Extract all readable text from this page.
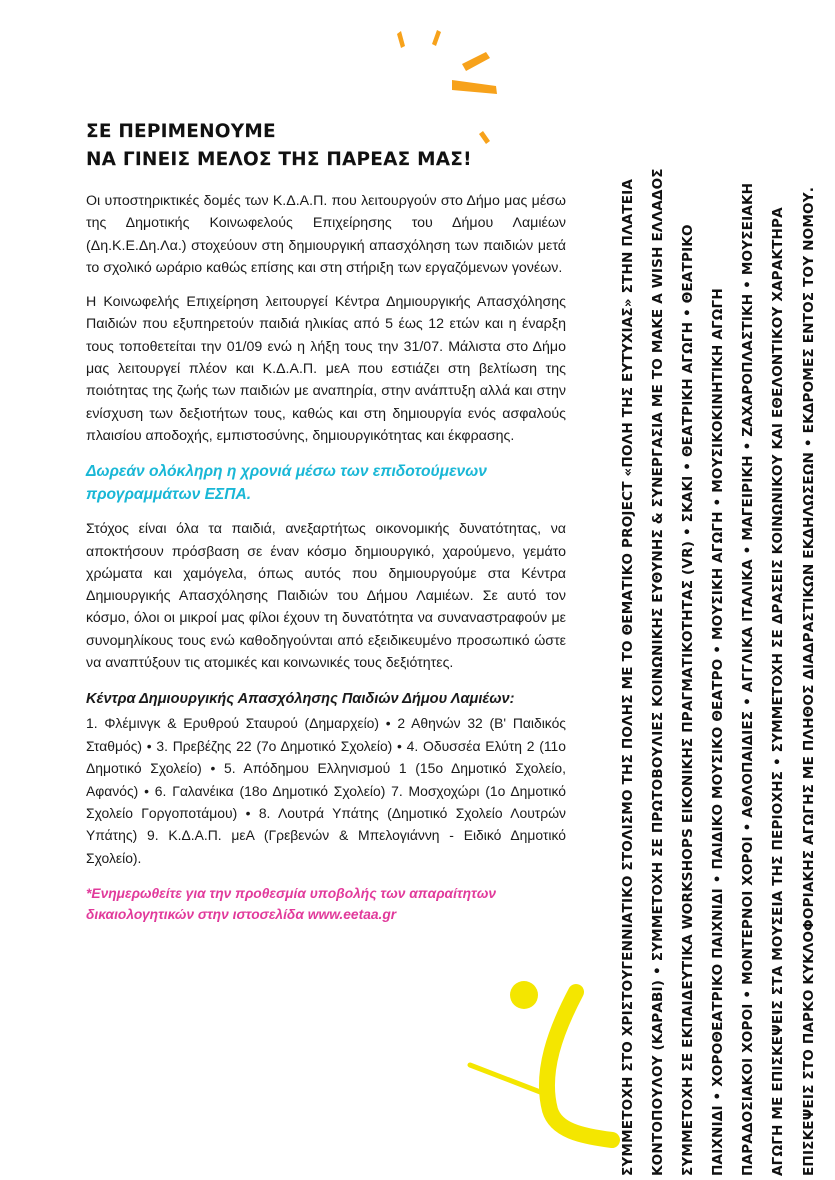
ΣΕ ΠΕΡΙΜΕΝΟΥΜΕ
ΝΑ ΓΙΝΕΙΣ ΜΕΛΟΣ ΤΗΣ ΠΑΡΕΑΣ ΜΑΣ!

Οι υποστηρικτικές δομές των Κ.Δ.Α.Π. που λειτουργούν στο Δήμο μας μέσω της Δημοτικής Κοινωφελούς Επιχείρησης του Δήμου Λαμιέων (Δη.Κ.Ε.Δη.Λα.) στοχεύουν στη δημιουργική απασχόληση των παιδιών μετά το σχολικό ωράριο καθώς επίσης και στη στήριξη των εργαζόμενων γονέων.

Η Κοινωφελής Επιχείρηση λειτουργεί Κέντρα Δημιουργικής Απασχόλησης Παιδιών που εξυπηρετούν παιδιά ηλικίας από 5 έως 12 ετών και η έναρξη τους τοποθετείται την 01/09 ενώ η λήξη τους την 31/07. Μάλιστα στο Δήμο μας λειτουργεί πλέον και Κ.Δ.Α.Π. μεΑ που εστιάζει στη βελτίωση της ποιότητας της ζωής των παιδιών με αναπηρία, στην ανάπτυξη αλλά και στην ενίσχυση των δεξιοτήτων τους, καθώς και στη δημιουργία ενός ασφαλούς πλαισίου αποδοχής, εμπιστοσύνης, δημιουργικότητας και έκφρασης.

Δωρεάν ολόκληρη η χρονιά μέσω των επιδοτούμενων προγραμμάτων ΕΣΠΑ.

Στόχος είναι όλα τα παιδιά, ανεξαρτήτως οικονομικής δυνατότητας, να αποκτήσουν πρόσβαση σε έναν κόσμο δημιουργικό, χαρούμενο, γεμάτο χρώματα και χαμόγελα, όπως αυτός που δημιουργούμε στα Κέντρα Δημιουργικής Απασχόλησης Παιδιών του Δήμου Λαμιέων. Σε αυτό τον κόσμο, όλοι οι μικροί μας φίλοι έχουν τη δυνατότητα να συναναστραφούν με συνομηλίκους τους ενώ καθοδηγούνται από εξειδικευμένο προσωπικό ώστε να αναπτύξουν τις ατομικές και κοινωνικές τους δεξιότητες.

Κέντρα Δημιουργικής Απασχόλησης Παιδιών Δήμου Λαμιέων:

1. Φλέμινγκ & Ερυθρού Σταυρού (Δημαρχείο) • 2 Αθηνών 32 (Β' Παιδικός Σταθμός) • 3. Πρεβέζης 22 (7ο Δημοτικό Σχολείο) • 4. Οδυσσέα Ελύτη 2 (11ο Δημοτικό Σχολείο) • 5. Απόδημου Ελληνισμού 1 (15ο Δημοτικό Σχολείο, Αφανός) • 6. Γαλανέικα (18ο Δημοτικό Σχολείο) 7. Μοσχοχώρι (1ο Δημοτικό Σχολείο Γοργοποτάμου) • 8. Λουτρά Υπάτης (Δημοτικό Σχολείο Λουτρών Υπάτης) 9. Κ.Δ.Α.Π. μεΑ (Γρεβενών & Μπελογιάννη - Ειδικό Δημοτικό Σχολείο).

*Ενημερωθείτε για την προθεσμία υποβολής των απαραίτητων δικαιολογητικών στην ιστοσελίδα www.eetaa.gr	ΣΥΜΜΕΤΟΧΗ ΣΤΟ ΧΡΙΣΤΟΥΓΕΝΝΙΑΤΙΚΟ ΣΤΟΛΙΣΜΟ ΤΗΣ ΠΟΛΗΣ ΜΕ ΤΟ ΘΕΜΑΤΙΚΟ PROJECT «ΠΟΛΗ ΤΗΣ ΕΥΤΥΧΙΑΣ» ΣΤΗΝ ΠΛΑΤΕΙΑ	ΚΟΝΤΟΠΟΥΛΟΥ (ΚΑΡΑΒΙ) • ΣΥΜΜΕΤΟΧΗ ΣΕ ΠΡΩΤΟΒΟΥΛΙΕΣ ΚΟΙΝΩΝΙΚΗΣ ΕΥΘΥΝΗΣ & ΣΥΝΕΡΓΑΣΙΑ ΜΕ ΤΟ MAKE A WISH ΕΛΛΑΔΟΣ	ΣΥΜΜΕΤΟΧΗ ΣΕ ΕΚΠΑΙΔΕΥΤΙΚΑ WORKSHOPS ΕΙΚΟΝΙΚΗΣ ΠΡΑΓΜΑΤΙΚΟΤΗΤΑΣ (VR) • ΣΚΑΚΙ • ΘΕΑΤΡΙΚΗ ΑΓΩΓΗ • ΘΕΑΤΡΙΚΟ	ΠΑΙΧΝΙΔΙ • ΧΟΡΟΘΕΑΤΡΙΚΟ ΠΑΙΧΝΙΔΙ • ΠΑΙΔΙΚΟ ΜΟΥΣΙΚΟ ΘΕΑΤΡΟ • ΜΟΥΣΙΚΗ ΑΓΩΓΗ • ΜΟΥΣΙΚΟΚΙΝΗΤΙΚΗ ΑΓΩΓΗ	ΠΑΡΑΔΟΣΙΑΚΟΙ ΧΟΡΟΙ • ΜΟΝΤΕΡΝΟΙ ΧΟΡΟΙ • ΑΘΛΟΠΑΙΔΙΕΣ • ΑΓΓΛΙΚΑ ΙΤΑΛΙΚΑ • ΜΑΓΕΙΡΙΚΗ • ΖΑΧΑΡΟΠΛΑΣΤΙΚΗ • ΜΟΥΣΕΙΑΚΗ	ΑΓΩΓΗ ΜΕ ΕΠΙΣΚΕΨΕΙΣ ΣΤΑ ΜΟΥΣΕΙΑ ΤΗΣ ΠΕΡΙΟΧΗΣ • ΣΥΜΜΕΤΟΧΗ ΣΕ ΔΡΑΣΕΙΣ ΚΟΙΝΩΝΙΚΟΥ ΚΑΙ ΕΘΕΛΟΝΤΙΚΟΥ ΧΑΡΑΚΤΗΡΑ	ΕΠΙΣΚΕΨΕΙΣ ΣΤΟ ΠΑΡΚΟ ΚΥΚΛΟΦΟΡΙΑΚΗΣ ΑΓΩΓΗΣ ΜΕ ΠΛΗΘΟΣ ΔΙΑΔΡΑΣΤΙΚΩΝ ΕΚΔΗΛΩΣΕΩΝ • ΕΚΔΡΟΜΕΣ ΕΝΤΟΣ ΤΟΥ ΝΟΜΟΥ.
